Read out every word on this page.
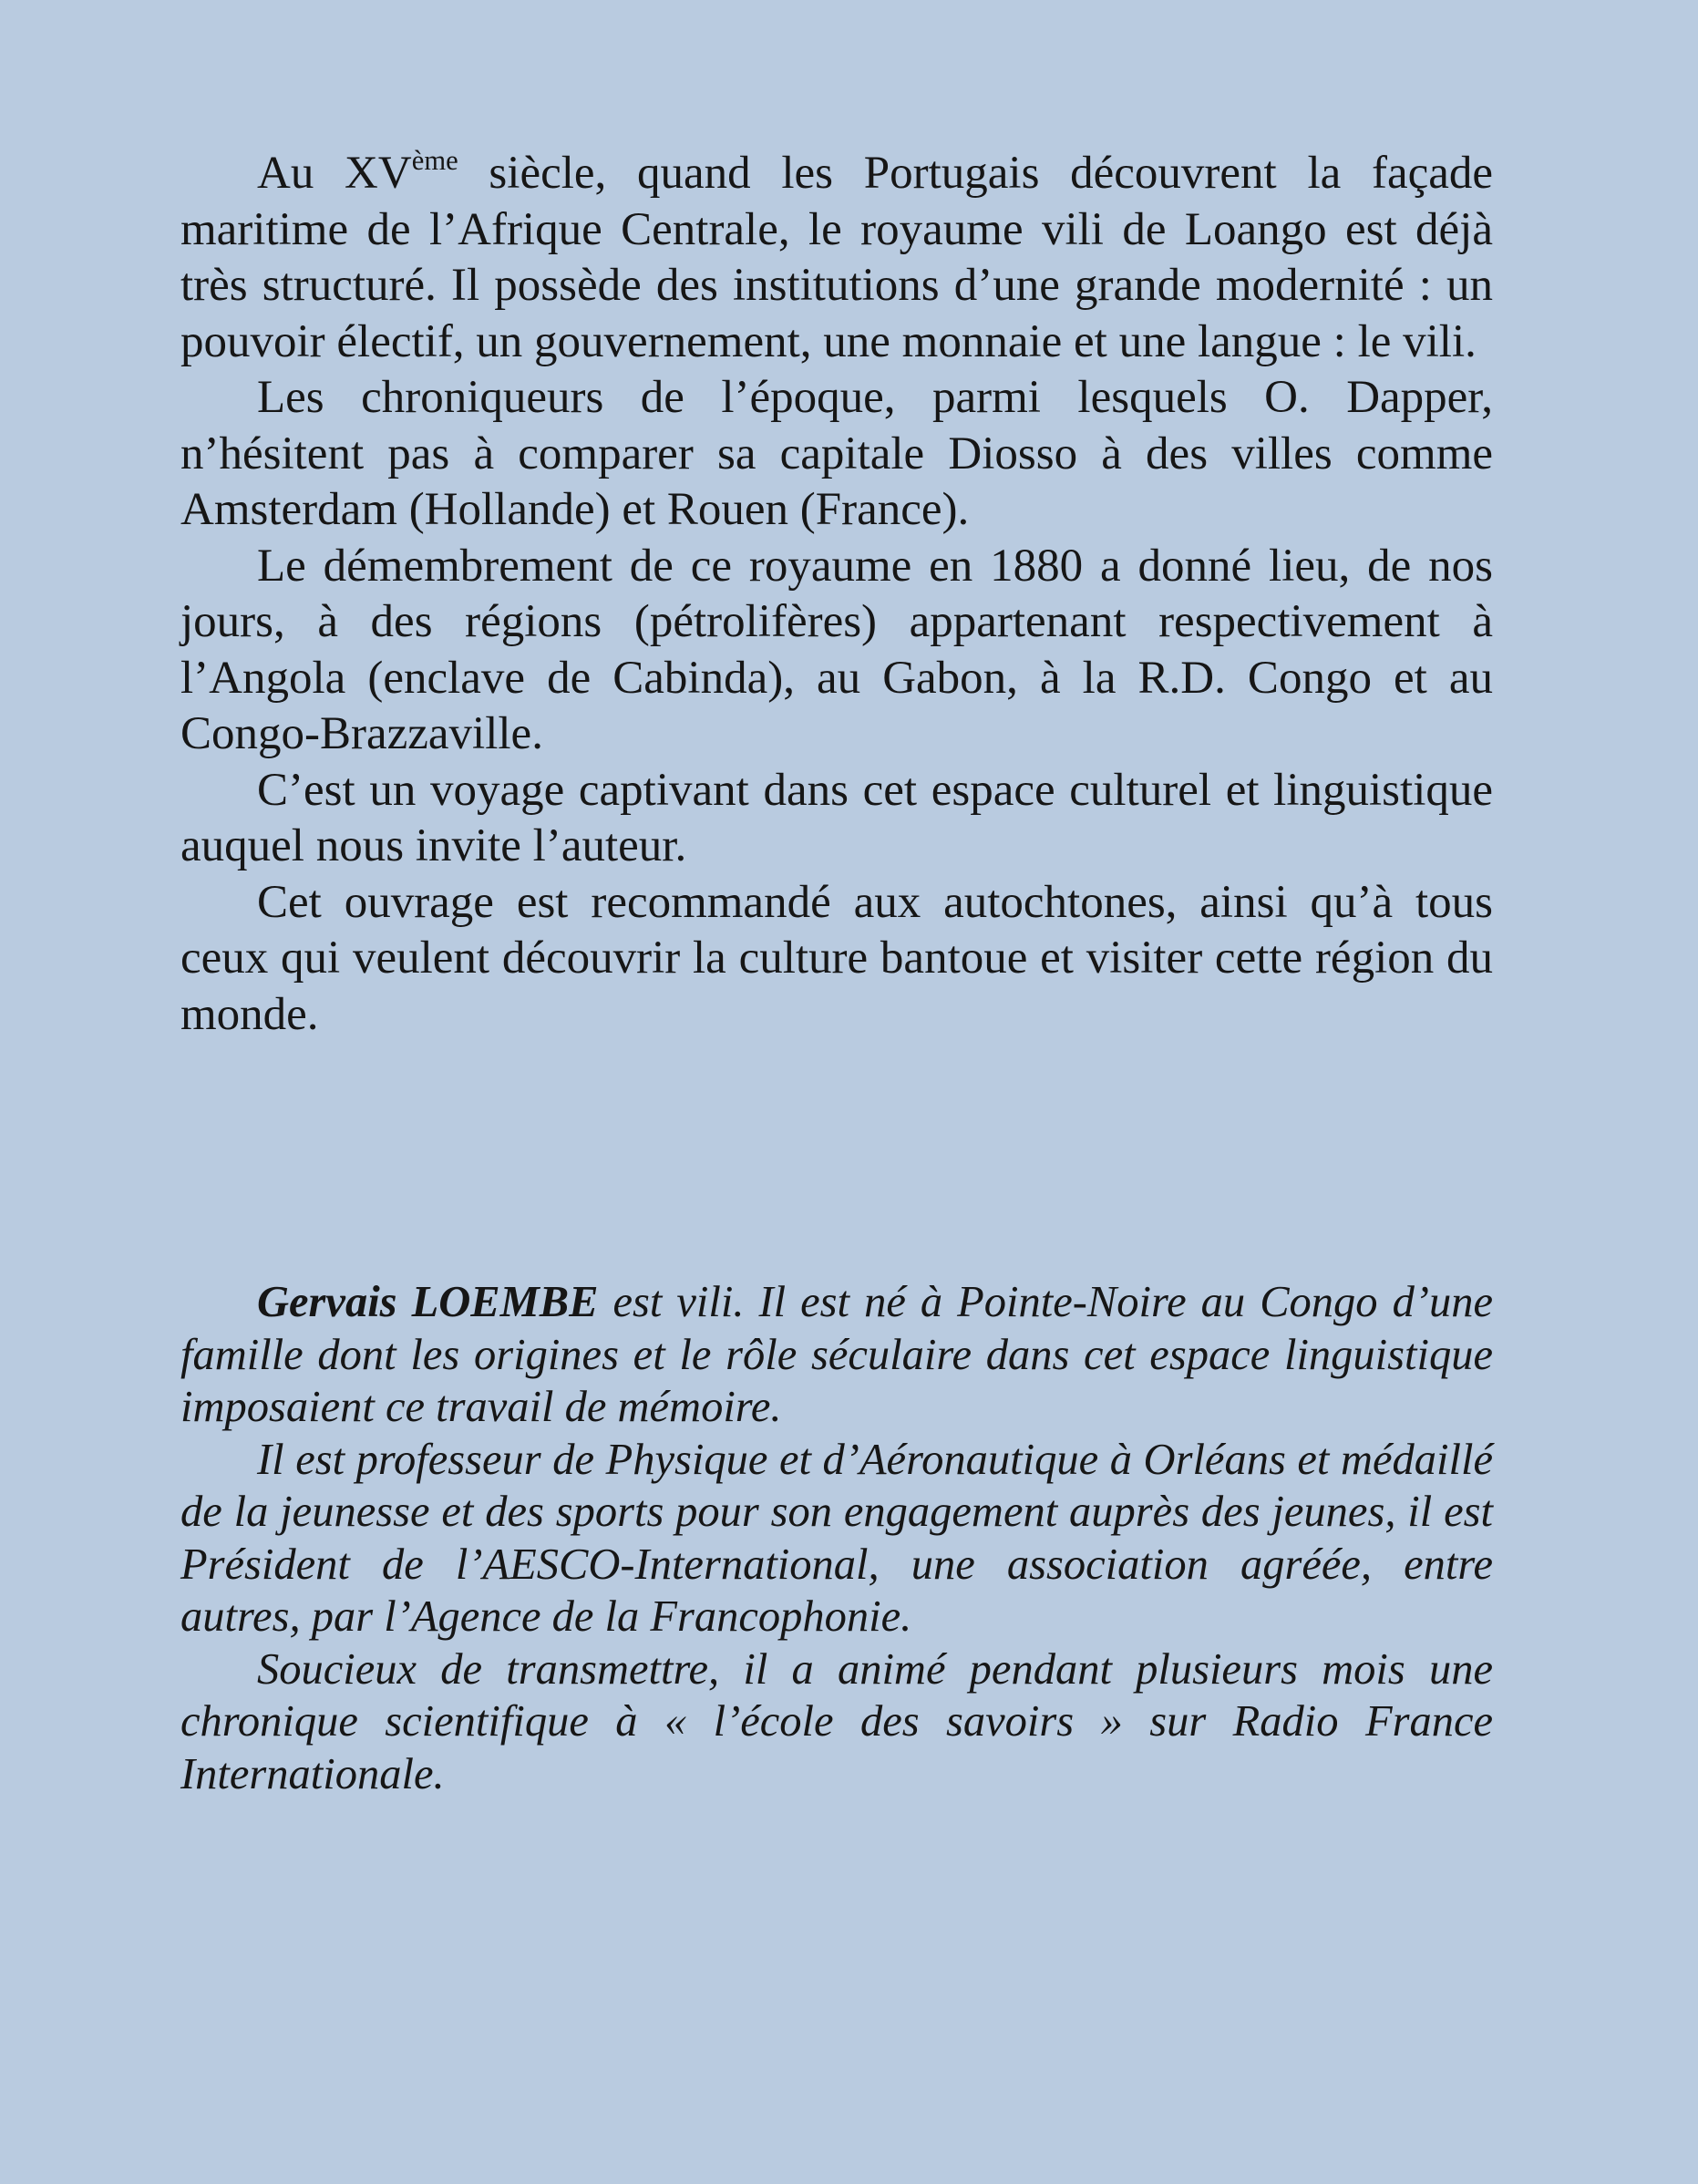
Au XVème siècle, quand les Portugais découvrent la façade maritime de l’Afrique Centrale, le royaume vili de Loango est déjà très structuré. Il possède des institutions d’une grande modernité : un pouvoir électif, un gouvernement, une monnaie et une langue : le vili.

Les chroniqueurs de l’époque, parmi lesquels O. Dapper, n’hésitent pas à comparer sa capitale Diosso à des villes comme Amsterdam (Hollande) et Rouen (France).

Le démembrement de ce royaume en 1880 a donné lieu, de nos jours, à des régions (pétrolifères) appartenant respectivement à l’Angola (enclave de Cabinda), au Gabon, à la R.D. Congo et au Congo-Brazzaville.

C’est un voyage captivant dans cet espace culturel et linguistique auquel nous invite l’auteur.

Cet ouvrage est recommandé aux autochtones, ainsi qu’à tous ceux qui veulent découvrir la culture bantoue et visiter cette région du monde.

Gervais LOEMBE est vili. Il est né à Pointe-Noire au Congo d’une famille dont les origines et le rôle séculaire dans cet espace linguistique imposaient ce travail de mémoire.

Il est professeur de Physique et d’Aéronautique à Orléans et médaillé de la jeunesse et des sports pour son engagement auprès des jeunes, il est Président de l’AESCO-International, une association agréée, entre autres, par l’Agence de la Francophonie.

Soucieux de transmettre, il a animé pendant plusieurs mois une chronique scientifique à « l’école des savoirs » sur Radio France Internationale.
